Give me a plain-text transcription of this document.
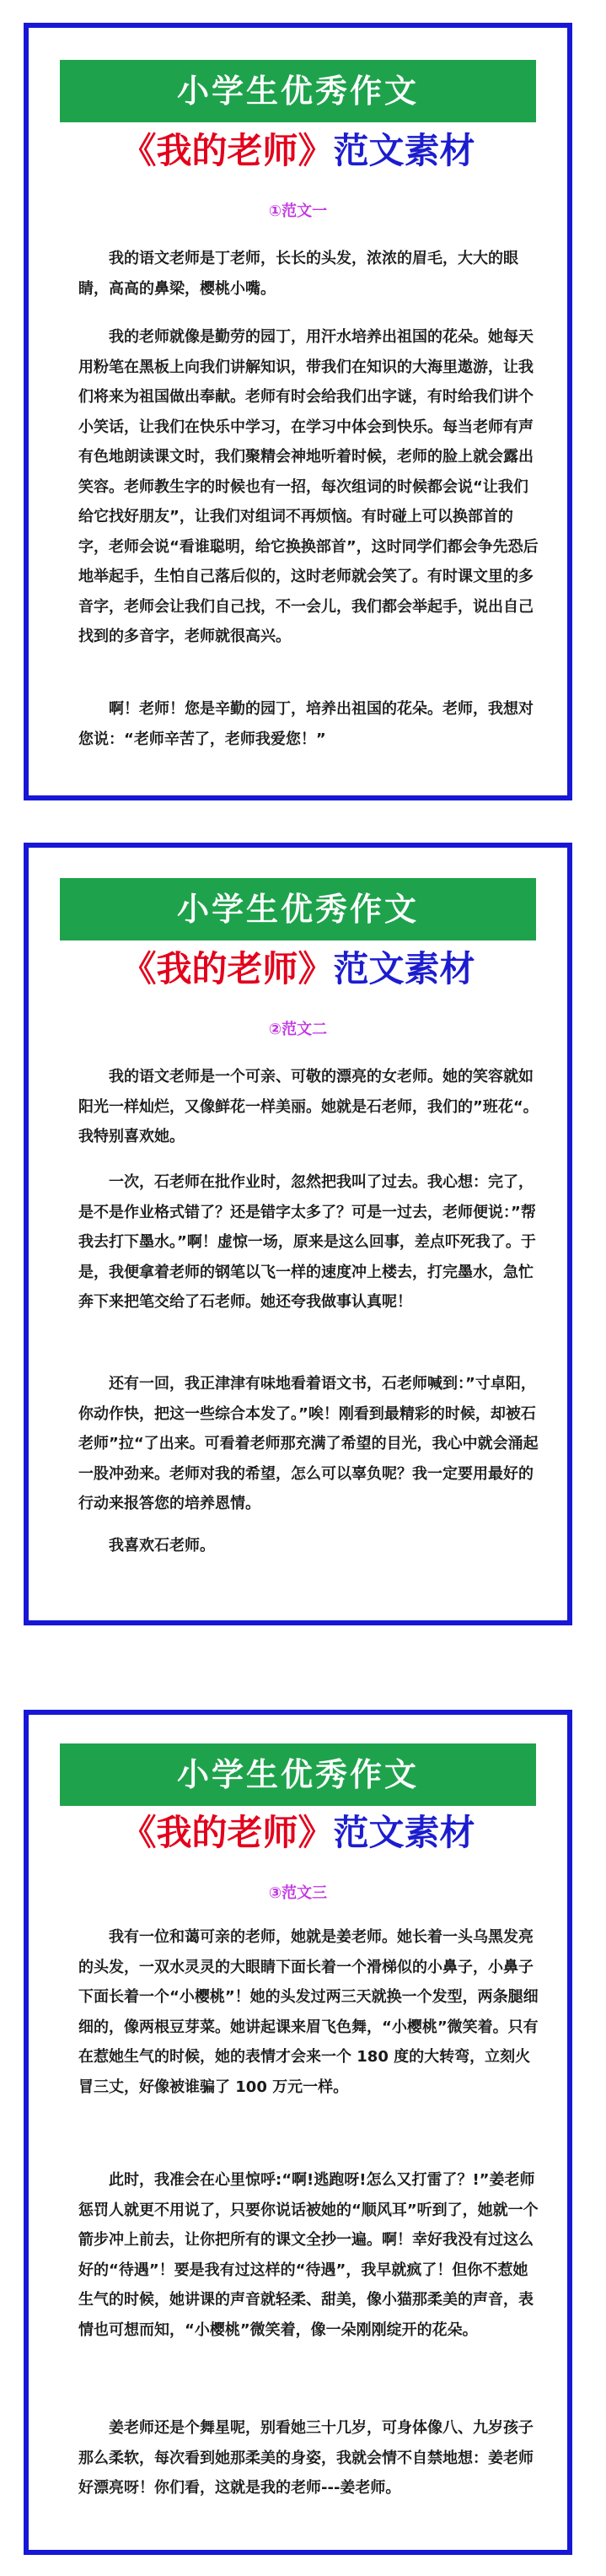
小学生优秀作文
《我的老师》范文素材
①范文一

我的语文老师是丁老师，长长的头发，浓浓的眉毛，大大的眼睛，高高的鼻梁，樱桃小嘴。

我的老师就像是勤劳的园丁，用汗水培养出祖国的花朵。她每天用粉笔在黑板上向我们讲解知识，带我们在知识的大海里遨游，让我们将来为祖国做出奉献。老师有时会给我们出字谜，有时给我们讲个小笑话，让我们在快乐中学习，在学习中体会到快乐。每当老师有声有色地朗读课文时，我们聚精会神地听着时候，老师的脸上就会露出笑容。老师教生字的时候也有一招，每次组词的时候都会说“让我们给它找好朋友”，让我们对组词不再烦恼。有时碰上可以换部首的字，老师会说“看谁聪明，给它换换部首”，这时同学们都会争先恐后地举起手，生怕自己落后似的，这时老师就会笑了。有时课文里的多音字，老师会让我们自己找，不一会儿，我们都会举起手，说出自己找到的多音字，老师就很高兴。

啊！老师！您是辛勤的园丁，培养出祖国的花朵。老师，我想对您说：“老师辛苦了，老师我爱您！”

小学生优秀作文
《我的老师》范文素材
②范文二

我的语文老师是一个可亲、可敬的漂亮的女老师。她的笑容就如阳光一样灿烂，又像鲜花一样美丽。她就是石老师，我们的”班花“。我特别喜欢她。

一次，石老师在批作业时，忽然把我叫了过去。我心想：完了，是不是作业格式错了？还是错字太多了？可是一过去，老师便说：”帮我去打下墨水。”啊！虚惊一场，原来是这么回事，差点吓死我了。于是，我便拿着老师的钢笔以飞一样的速度冲上楼去，打完墨水，急忙奔下来把笔交给了石老师。她还夸我做事认真呢！

还有一回，我正津津有味地看着语文书，石老师喊到：”寸卓阳，你动作快，把这一些综合本发了。”唉！刚看到最精彩的时候，却被石老师”拉“了出来。可看着老师那充满了希望的目光，我心中就会涌起一股冲劲来。老师对我的希望，怎么可以辜负呢？我一定要用最好的行动来报答您的培养恩情。

我喜欢石老师。

小学生优秀作文
《我的老师》范文素材
③范文三

我有一位和蔼可亲的老师，她就是姜老师。她长着一头乌黑发亮的头发，一双水灵灵的大眼睛下面长着一个滑梯似的小鼻子，小鼻子下面长着一个“小樱桃”！她的头发过两三天就换一个发型，两条腿细细的，像两根豆芽菜。她讲起课来眉飞色舞，“小樱桃”微笑着。只有在惹她生气的时候，她的表情才会来一个 180 度的大转弯，立刻火冒三丈，好像被谁骗了 100 万元一样。

此时，我准会在心里惊呼:“啊!逃跑呀!怎么又打雷了？!”姜老师惩罚人就更不用说了，只要你说话被她的“顺风耳”听到了，她就一个箭步冲上前去，让你把所有的课文全抄一遍。啊！幸好我没有过这么好的“待遇”！要是我有过这样的“待遇”，我早就疯了！但你不惹她生气的时候，她讲课的声音就轻柔、甜美，像小猫那柔美的声音，表情也可想而知，“小樱桃”微笑着，像一朵刚刚绽开的花朵。

姜老师还是个舞星呢，别看她三十几岁，可身体像八、九岁孩子那么柔软，每次看到她那柔美的身姿，我就会情不自禁地想：姜老师好漂亮呀！你们看，这就是我的老师---姜老师。
